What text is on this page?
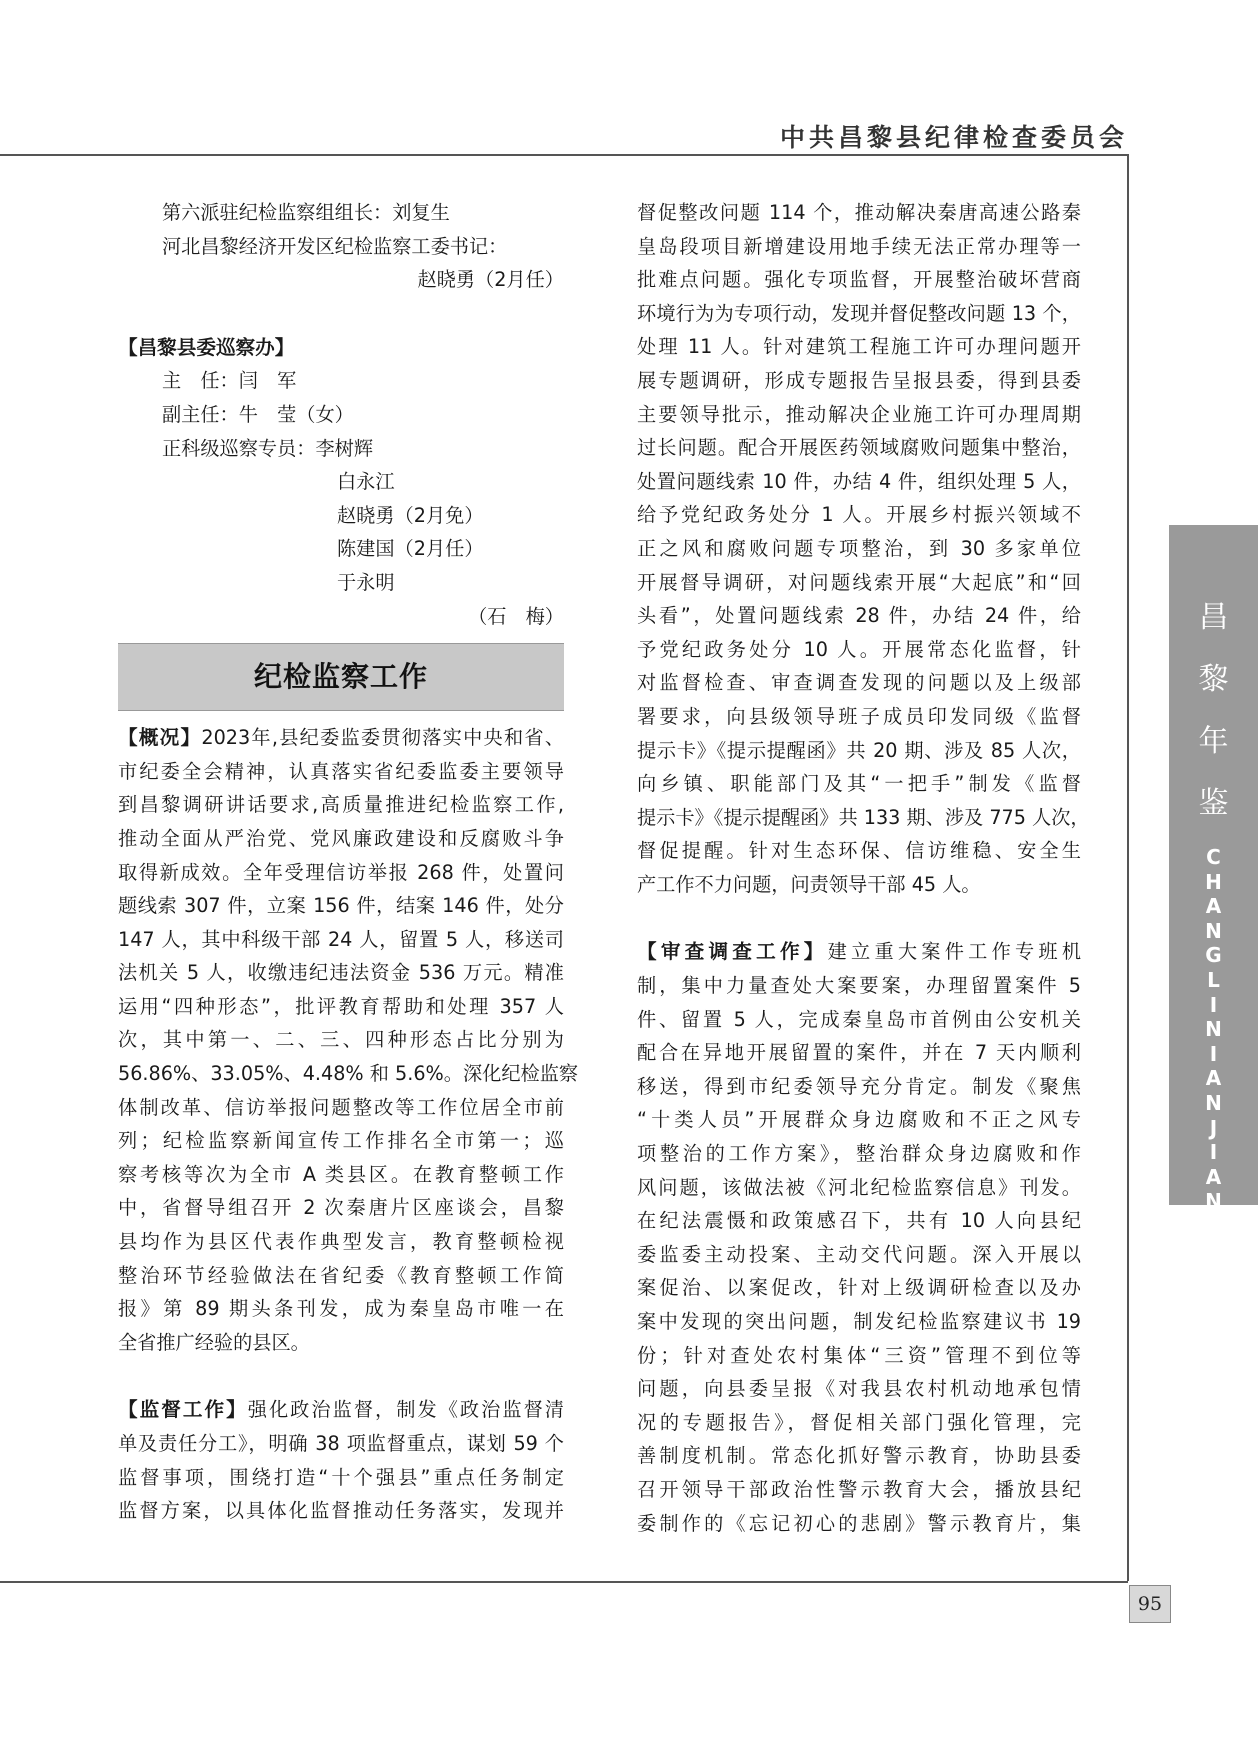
中共昌黎县纪律检查委员会
昌
黎
年
鉴
C
H
A
N
G
L
I
N
I
A
N
J
I
A
N
95
第六派驻纪检监察组组长：刘复生
河北昌黎经济开发区纪检监察工委书记：
赵晓勇（2月任）
【昌黎县委巡察办】
主　任：闫　军
副主任：牛　莹（女）
正科级巡察专员：李树辉
白永江
赵晓勇（2月免）
陈建国（2月任）
于永明
（石　梅）
纪检监察工作
【概况】2023年,县纪委监委贯彻落实中央和省、
市纪委全会精神，认真落实省纪委监委主要领导
到昌黎调研讲话要求,高质量推进纪检监察工作,
推动全面从严治党、党风廉政建设和反腐败斗争
取得新成效。全年受理信访举报 268 件，处置问
题线索 307 件，立案 156 件，结案 146 件，处分
147 人，其中科级干部 24 人，留置 5 人，移送司
法机关 5 人，收缴违纪违法资金 536 万元。精准
运用“四种形态”，批评教育帮助和处理 357 人
次，其中第一、二、三、四种形态占比分别为
56.86%、33.05%、4.48% 和 5.6%。深化纪检监察
体制改革、信访举报问题整改等工作位居全市前
列；纪检监察新闻宣传工作排名全市第一；巡
察考核等次为全市 A 类县区。在教育整顿工作
中，省督导组召开 2 次秦唐片区座谈会，昌黎
县均作为县区代表作典型发言，教育整顿检视
整治环节经验做法在省纪委《教育整顿工作简
报》第 89 期头条刊发，成为秦皇岛市唯一在
全省推广经验的县区。
【监督工作】强化政治监督，制发《政治监督清
单及责任分工》，明确 38 项监督重点，谋划 59 个
监督事项，围绕打造“十个强县”重点任务制定
监督方案，以具体化监督推动任务落实，发现并
督促整改问题 114 个，推动解决秦唐高速公路秦
皇岛段项目新增建设用地手续无法正常办理等一
批难点问题。强化专项监督，开展整治破坏营商
环境行为为专项行动，发现并督促整改问题 13 个，
处理 11 人。针对建筑工程施工许可办理问题开
展专题调研，形成专题报告呈报县委，得到县委
主要领导批示，推动解决企业施工许可办理周期
过长问题。配合开展医药领域腐败问题集中整治，
处置问题线索 10 件，办结 4 件，组织处理 5 人，
给予党纪政务处分 1 人。开展乡村振兴领域不
正之风和腐败问题专项整治，到 30 多家单位
开展督导调研，对问题线索开展“大起底”和“回
头看”，处置问题线索 28 件，办结 24 件，给
予党纪政务处分 10 人。开展常态化监督，针
对监督检查、审查调查发现的问题以及上级部
署要求，向县级领导班子成员印发同级《监督
提示卡》《提示提醒函》共 20 期、涉及 85 人次，
向乡镇、职能部门及其“一把手”制发《监督
提示卡》《提示提醒函》共 133 期、涉及 775 人次，
督促提醒。针对生态环保、信访维稳、安全生
产工作不力问题，问责领导干部 45 人。
【审查调查工作】建立重大案件工作专班机
制，集中力量查处大案要案，办理留置案件 5
件、留置 5 人，完成秦皇岛市首例由公安机关
配合在异地开展留置的案件，并在 7 天内顺利
移送，得到市纪委领导充分肯定。制发《聚焦
“十类人员”开展群众身边腐败和不正之风专
项整治的工作方案》，整治群众身边腐败和作
风问题，该做法被《河北纪检监察信息》刊发。
在纪法震慑和政策感召下，共有 10 人向县纪
委监委主动投案、主动交代问题。深入开展以
案促治、以案促改，针对上级调研检查以及办
案中发现的突出问题，制发纪检监察建议书 19
份；针对查处农村集体“三资”管理不到位等
问题，向县委呈报《对我县农村机动地承包情
况的专题报告》，督促相关部门强化管理，完
善制度机制。常态化抓好警示教育，协助县委
召开领导干部政治性警示教育大会，播放县纪
委制作的《忘记初心的悲剧》警示教育片，集
